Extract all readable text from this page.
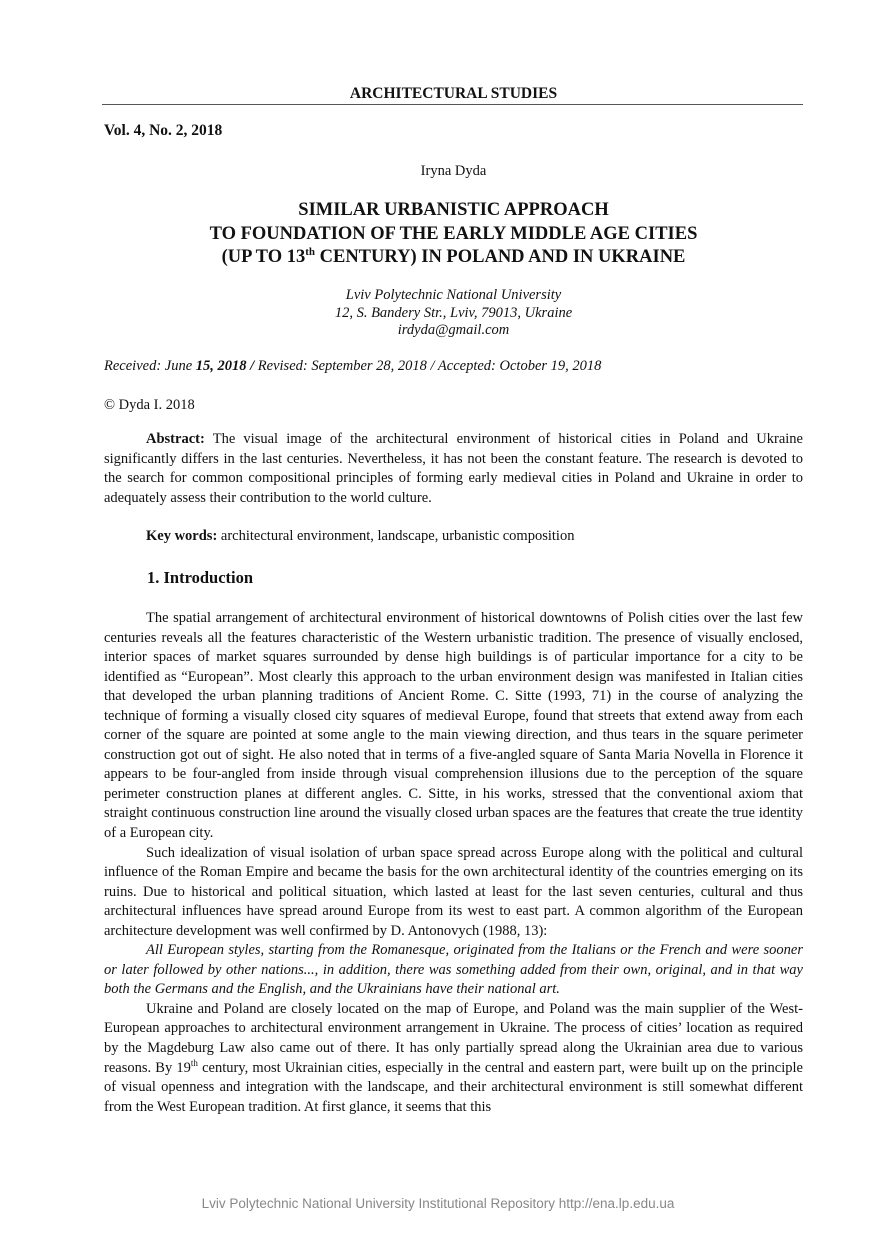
ARCHITECTURAL STUDIES
Vol. 4, No. 2, 2018
Iryna Dyda
SIMILAR URBANISTIC APPROACH
TO FOUNDATION OF THE EARLY MIDDLE AGE CITIES
(UP TO 13th CENTURY) IN POLAND AND IN UKRAINE
Lviv Polytechnic National University
12, S. Bandery Str., Lviv, 79013, Ukraine
irdyda@gmail.com
Received: June 15, 2018 / Revised: September 28, 2018 / Accepted: October 19, 2018
© Dyda I. 2018

Abstract: The visual image of the architectural environment of historical cities in Poland and Ukraine significantly differs in the last centuries. Nevertheless, it has not been the constant feature. The research is devoted to the search for common compositional principles of forming early medieval cities in Poland and Ukraine in order to adequately assess their contribution to the world culture.

Key words: architectural environment, landscape, urbanistic composition
1. Introduction

The spatial arrangement of architectural environment of historical downtowns of Polish cities over the last few centuries reveals all the features characteristic of the Western urbanistic tradition. The presence of visually enclosed, interior spaces of market squares surrounded by dense high buildings is of particular importance for a city to be identified as “European”. Most clearly this approach to the urban environment design was manifested in Italian cities that developed the urban planning traditions of Ancient Rome. C. Sitte (1993, 71) in the course of analyzing the technique of forming a visually closed city squares of medieval Europe, found that streets that extend away from each corner of the square are pointed at some angle to the main viewing direction, and thus tears in the square perimeter construction got out of sight. He also noted that in terms of a five-angled square of Santa Maria Novella in Florence it appears to be four-angled from inside through visual comprehension illusions due to the perception of the square perimeter construction planes at different angles. C. Sitte, in his works, stressed that the conventional axiom that straight continuous construction line around the visually closed urban spaces are the features that create the true identity of a European city.

Such idealization of visual isolation of urban space spread across Europe along with the political and cultural influence of the Roman Empire and became the basis for the own architectural identity of the countries emerging on its ruins. Due to historical and political situation, which lasted at least for the last seven centuries, cultural and thus architectural influences have spread around Europe from its west to east part. A common algorithm of the European architecture development was well confirmed by D. Antonovych (1988, 13):

All European styles, starting from the Romanesque, originated from the Italians or the French and were sooner or later followed by other nations..., in addition, there was something added from their own, original, and in that way both the Germans and the English, and the Ukrainians have their national art.

Ukraine and Poland are closely located on the map of Europe, and Poland was the main supplier of the West-European approaches to architectural environment arrangement in Ukraine. The process of cities’ location as required by the Magdeburg Law also came out of there. It has only partially spread along the Ukrainian area due to various reasons. By 19th century, most Ukrainian cities, especially in the central and eastern part, were built up on the principle of visual openness and integration with the landscape, and their architectural environment is still somewhat different from the West European tradition. At first glance, it seems that this

Lviv Polytechnic National University Institutional Repository http://ena.lp.edu.ua
